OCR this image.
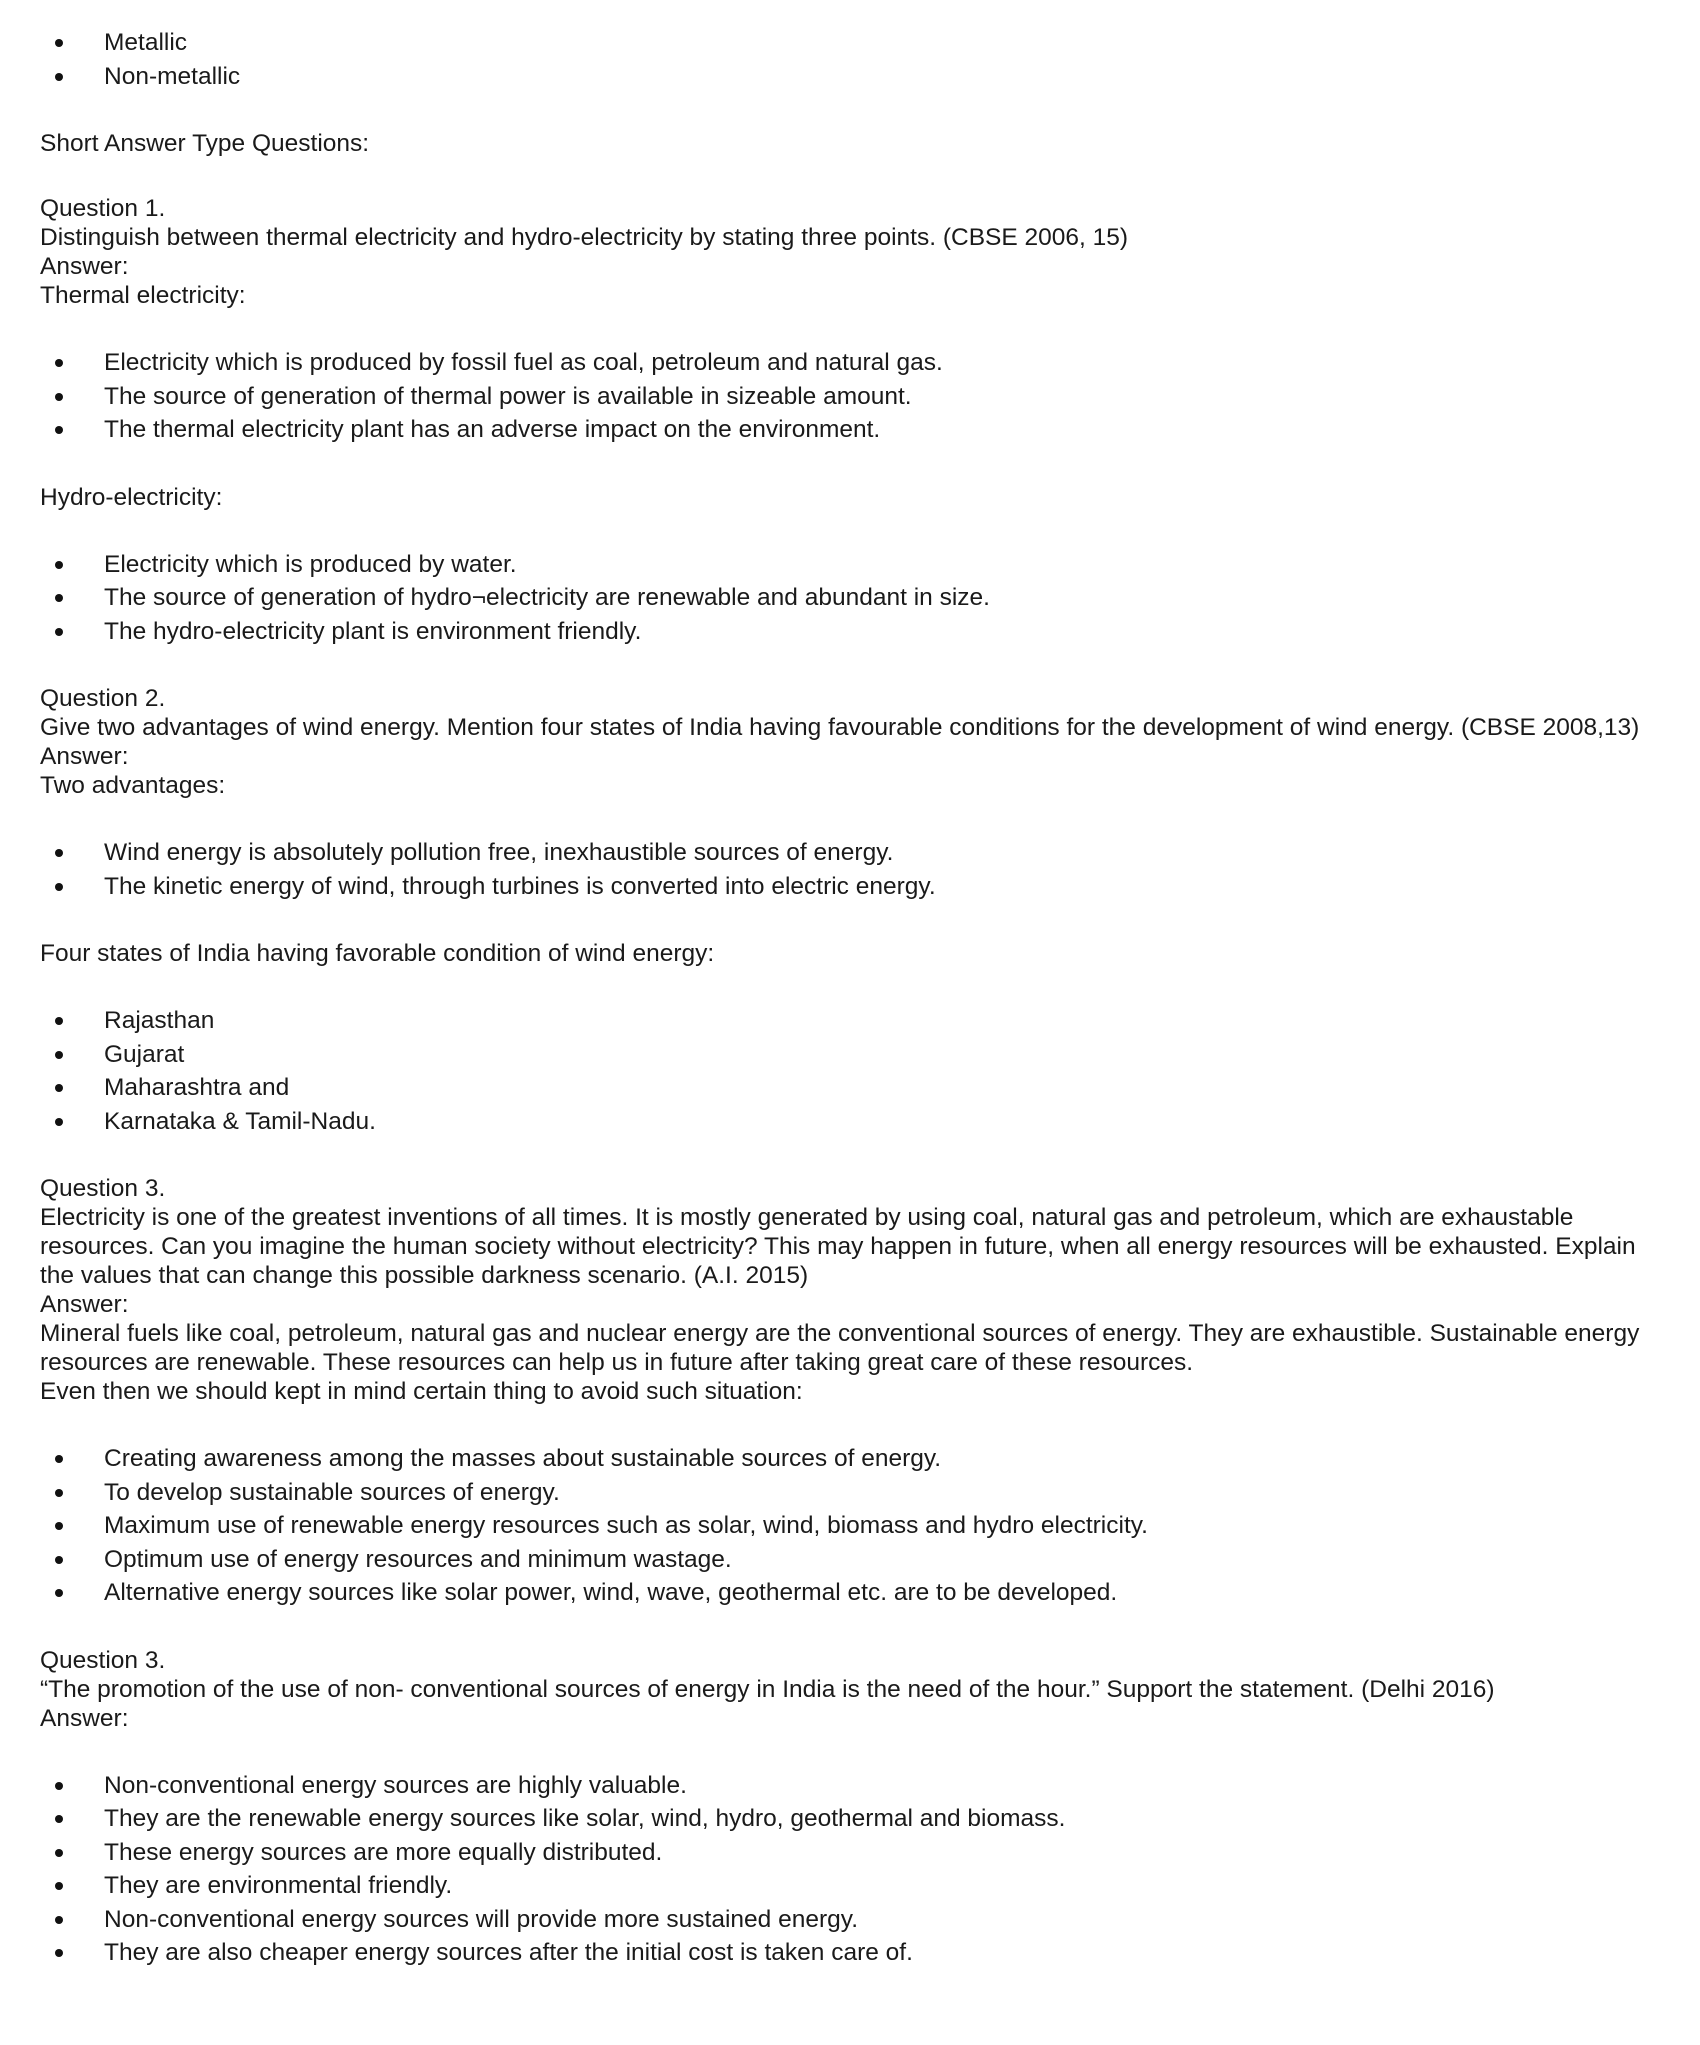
Metallic
Non-metallic

Short Answer Type Questions:

Question 1.

Distinguish between thermal electricity and hydro-electricity by stating three points. (CBSE 2006, 15)

Answer:

Thermal electricity:

Electricity which is produced by fossil fuel as coal, petroleum and natural gas.
The source of generation of thermal power is available in sizeable amount.
The thermal electricity plant has an adverse impact on the environment.

Hydro-electricity:

Electricity which is produced by water.
The source of generation of hydro¬electricity are renewable and abundant in size.
The hydro-electricity plant is environment friendly.

Question 2.

Give two advantages of wind energy. Mention four states of India having favourable conditions for the development of wind energy. (CBSE 2008,13)

Answer:

Two advantages:

Wind energy is absolutely pollution free, inexhaustible sources of energy.
The kinetic energy of wind, through turbines is converted into electric energy.

Four states of India having favorable condition of wind energy:

Rajasthan
Gujarat
Maharashtra and
Karnataka & Tamil-Nadu.

Question 3.

Electricity is one of the greatest inventions of all times. It is mostly generated by using coal, natural gas and petroleum, which are exhaustable resources. Can you imagine the human society without electricity? This may happen in future, when all energy resources will be exhausted. Explain the values that can change this possible darkness scenario. (A.I. 2015)

Answer:

Mineral fuels like coal, petroleum, natural gas and nuclear energy are the conventional sources of energy. They are exhaustible. Sustainable energy resources are renewable. These resources can help us in future after taking great care of these resources.

Even then we should kept in mind certain thing to avoid such situation:

Creating awareness among the masses about sustainable sources of energy.
To develop sustainable sources of energy.
Maximum use of renewable energy resources such as solar, wind, biomass and hydro electricity.
Optimum use of energy resources and minimum wastage.
Alternative energy sources like solar power, wind, wave, geothermal etc. are to be developed.

Question 3.

“The promotion of the use of non- conventional sources of energy in India is the need of the hour.” Support the statement. (Delhi 2016)

Answer:

Non-conventional energy sources are highly valuable.
They are the renewable energy sources like solar, wind, hydro, geothermal and biomass.
These energy sources are more equally distributed.
They are environmental friendly.
Non-conventional energy sources will provide more sustained energy.
They are also cheaper energy sources after the initial cost is taken care of.
